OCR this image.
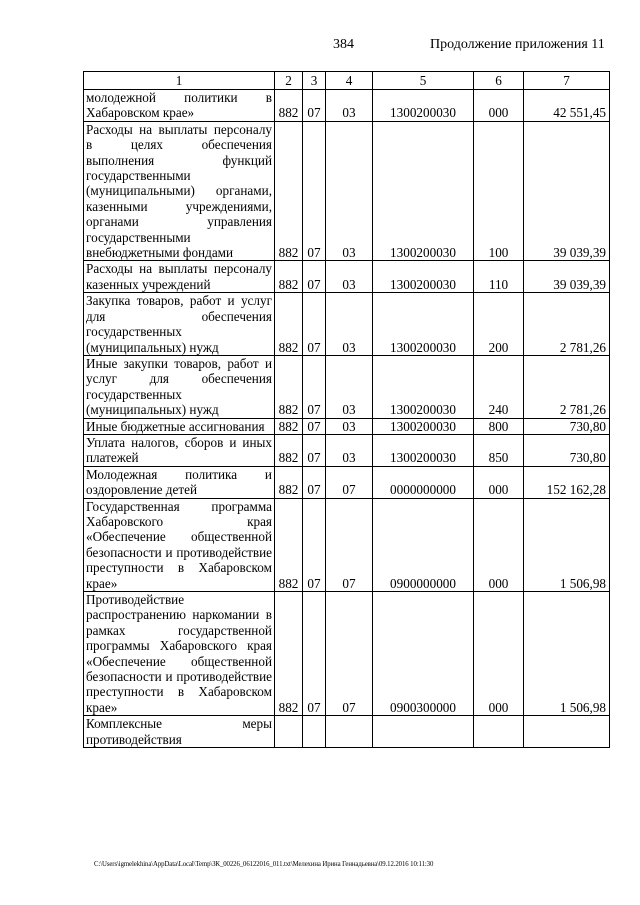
384	Продолжение приложения 11
1	2	3	4	5	6	7
молодежной политики в Хабаровском крае»	882	07	03	1300200030	000	42 551,45
Расходы на выплаты персоналу в целях обеспечения выполнения функций государственными (муниципальными) органами, казенными учреждениями, органами управления государственными внебюджетными фондами	882	07	03	1300200030	100	39 039,39
Расходы на выплаты персоналу казенных учреждений	882	07	03	1300200030	110	39 039,39
Закупка товаров, работ и услуг для обеспечения государственных (муниципальных) нужд	882	07	03	1300200030	200	2 781,26
Иные закупки товаров, работ и услуг для обеспечения государственных (муниципальных) нужд	882	07	03	1300200030	240	2 781,26
Иные бюджетные ассигнования	882	07	03	1300200030	800	730,80
Уплата налогов, сборов и иных платежей	882	07	03	1300200030	850	730,80
Молодежная политика и оздоровление детей	882	07	07	0000000000	000	152 162,28
Государственная программа Хабаровского края «Обеспечение общественной безопасности и противодействие преступности в Хабаровском крае»	882	07	07	0900000000	000	1 506,98
Противодействие распространению наркомании в рамках государственной программы Хабаровского края «Обеспечение общественной безопасности и противодействие преступности в Хабаровском крае»	882	07	07	0900300000	000	1 506,98
Комплексные меры противодействия						
C:\Users\igmelekhina\AppData\Local\Temp\ЗК_00226_06122016_011.txt\Мелехина Ирина Геннадьевна\09.12.2016 10:11:30
